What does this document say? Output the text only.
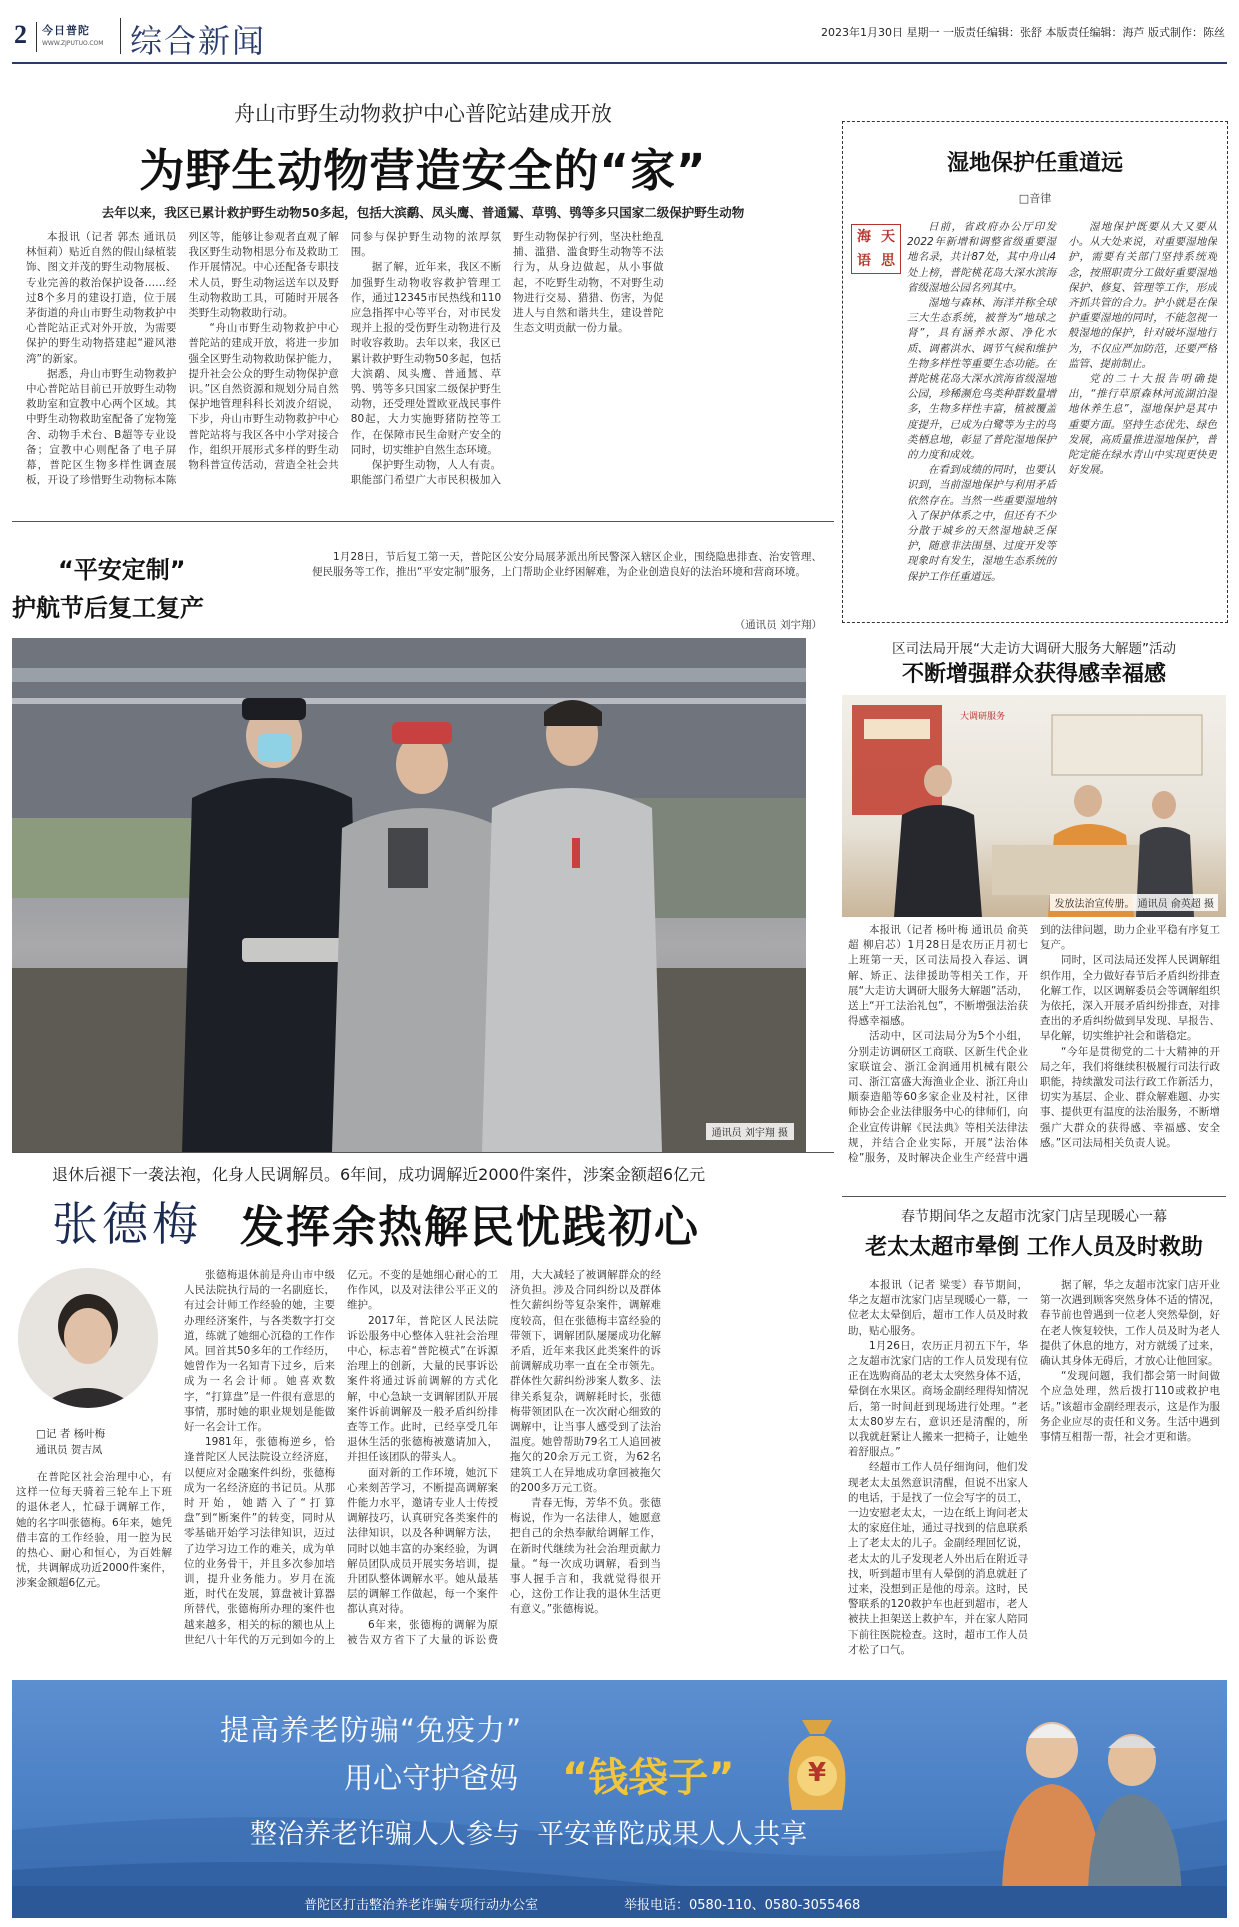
2 今日普陀
WWW.ZJPUTUO.COM 综合新闻	2023年1月30日 星期一 一版责任编辑：张舒 本版责任编辑：海芦 版式制作：陈丝
舟山市野生动物救护中心普陀站建成开放
为野生动物营造安全的“家”
去年以来，我区已累计救护野生动物50多起，包括大滨鹬、凤头鹰、普通鵟、草鸮、鸮等多只国家二级保护野生动物

本报讯（记者 郭杰 通讯员 林恒莉）贴近自然的假山绿植装饰、图文并茂的野生动物展板、专业完善的救治保护设备……经过8个多月的建设打造，位于展茅街道的舟山市野生动物救护中心普陀站正式对外开放，为需要保护的野生动物搭建起“避风港湾”的新家。

据悉，舟山市野生动物救护中心普陀站目前已开放野生动物救助室和宣教中心两个区域。其中野生动物救助室配备了宠物笼舍、动物手术台、B超等专业设备；宣教中心则配备了电子屏幕，普陀区生物多样性调查展板，开设了珍惜野生动物标本陈列区等，能够让参观者直观了解我区野生动物相思分布及救助工作开展情况。中心还配备专职技术人员，野生动物运送车以及野生动物救助工具，可随时开展各类野生动物救助行动。

“舟山市野生动物救护中心普陀站的建成开放，将进一步加强全区野生动物救助保护能力，提升社会公众的野生动物保护意识。”区自然资源和规划分局自然保护地管理科科长刘波介绍说，下步，舟山市野生动物救护中心普陀站将与我区各中小学对接合作，组织开展形式多样的野生动物科普宣传活动，营造全社会共同参与保护野生动物的浓厚氛围。

据了解，近年来，我区不断加强野生动物收容救护管理工作，通过12345市民热线和110应急指挥中心等平台，对市民发现并上报的受伤野生动物进行及时收容救助。去年以来，我区已累计救护野生动物50多起，包括大滨鹬、凤头鹰、普通鵟、草鸮、鸮等多只国家二级保护野生动物，还受理处置欧亚战民事件80起，大力实施野猪防控等工作，在保障市民生命财产安全的同时，切实维护自然生态环境。

保护野生动物，人人有责。职能部门希望广大市民积极加入野生动物保护行列，坚决杜绝乱捕、滥猎、滥食野生动物等不法行为，从身边做起，从小事做起，不吃野生动物，不对野生动物进行交易、猎猎、伤害，为促进人与自然和谐共生，建设普陀生态文明贡献一份力量。

湿地保护任重道远
□音律
海 天
语 思

日前，省政府办公厅印发2022年新增和调整省级重要湿地名录，共计87处，其中舟山4处上榜，普陀桃花岛大深水滨海省级湿地公园名列其中。

湿地与森林、海洋并称全球三大生态系统，被誉为“地球之肾”，具有涵养水源、净化水质、调蓄洪水、调节气候和维护生物多样性等重要生态功能。在普陀桃花岛大深水滨海省级湿地公园，珍稀濒危鸟类种群数量增多，生物多样性丰富，植被覆盖度提升，已成为白鹭等为主的鸟类栖息地，彰显了普陀湿地保护的力度和成效。

在看到成绩的同时，也要认识到，当前湿地保护与利用矛盾依然存在。当然一些重要湿地纳入了保护体系之中，但还有不少分散于城乡的天然湿地缺乏保护，随意非法围垦、过度开发等现象时有发生，湿地生态系统的保护工作任重道远。

湿地保护既要从大又要从小。从大处来说，对重要湿地保护，需要有关部门坚持系统观念，按照职责分工做好重要湿地保护、修复、管理等工作，形成齐抓共管的合力。护小就是在保护重要湿地的同时，不能忽视一般湿地的保护，针对破坏湿地行为，不仅应严加防范，还要严格监管、提前制止。

党的二十大报告明确提出，“推行草原森林河流湖泊湿地休养生息”，湿地保护是其中重要方面。坚持生态优先、绿色发展，高质量推进湿地保护，普陀定能在绿水青山中实现更快更好发展。

“平安定制”
护航节后复工复产
1月28日，节后复工第一天，普陀区公安分局展茅派出所民警深入辖区企业，围绕隐患排查、治安管理、便民服务等工作，推出“平安定制”服务，上门帮助企业纾困解难，为企业创造良好的法治环境和营商环境。
（通讯员 刘宇翔）
通讯员 刘宇翔 摄
区司法局开展“大走访大调研大服务大解题”活动
不断增强群众获得感幸福感
大调研服务
发放法治宣传册。 通讯员 俞英超 摄

本报讯（记者 杨叶梅 通讯员 俞英超 柳启芯）1月28日是农历正月初七上班第一天，区司法局投入春运、调解、矫正、法律援助等相关工作，开展“大走访大调研大服务大解题”活动，送上“开工法治礼包”，不断增强法治获得感幸福感。

活动中，区司法局分为5个小组，分别走访调研区工商联、区新生代企业家联谊会、浙江金润通用机械有限公司、浙江富盛大海渔业企业、浙江舟山顺泰造船等60多家企业及村社，区律师协会企业法律服务中心的律师们，向企业宣传讲解《民法典》等相关法律法规，并结合企业实际，开展“法治体检”服务，及时解决企业生产经营中遇到的法律问题，助力企业平稳有序复工复产。

同时，区司法局还发挥人民调解组织作用，全力做好春节后矛盾纠纷排查化解工作，以区调解委员会等调解组织为依托，深入开展矛盾纠纷排查，对排查出的矛盾纠纷做到早发现、早报告、早化解，切实维护社会和谐稳定。

“今年是贯彻党的二十大精神的开局之年，我们将继续积极履行司法行政职能，持续激发司法行政工作新活力，切实为基层、企业、群众解难题、办实事、提供更有温度的法治服务，不断增强广大群众的获得感、幸福感、安全感。”区司法局相关负责人说。

退休后褪下一袭法袍，化身人民调解员。6年间，成功调解近2000件案件，涉案金额超6亿元
张德梅 发挥余热解民忧践初心
□记 者 杨叶梅
通讯员 贺吉凤

在普陀区社会治理中心，有这样一位每天骑着三轮车上下班的退休老人，忙碌于调解工作，她的名字叫张德梅。6年来，她凭借丰富的工作经验，用一腔为民的热心、耐心和恒心，为百姓解忧，共调解成功近2000件案件，涉案金额超6亿元。

张德梅退休前是舟山市中级人民法院执行局的一名副庭长，有过会计师工作经验的她，主要办理经济案件，与各类数字打交道，练就了她细心沉稳的工作作风。回首其50多年的工作经历，她曾作为一名知青下过乡，后来成为一名会计师。她喜欢数字，“打算盘”是一件很有意思的事情，那时她的职业规划是能做好一名会计工作。

1981年，张德梅逆乡，恰逢普陀区人民法院设立经济庭，以便应对金融案件纠纷，张德梅成为一名经济庭的书记员。从那时开始，她踏入了“打算盘”到“断案件”的转变，同时从零基础开始学习法律知识，迈过了边学习边工作的难关，成为单位的业务骨干，并且多次参加培训，提升业务能力。岁月在流逝，时代在发展，算盘被计算器所替代，张德梅所办理的案件也越来越多，相关的标的额也从上世纪八十年代的万元到如今的上亿元。不变的是她细心耐心的工作作风，以及对法律公平正义的维护。

2017年，普陀区人民法院诉讼服务中心整体入驻社会治理中心，标志着“普陀模式”在诉源治理上的创新，大量的民事诉讼案件将通过诉前调解的方式化解，中心急缺一支调解团队开展案件诉前调解及一般矛盾纠纷排查等工作。此时，已经享受几年退休生活的张德梅被邀请加入，并担任该团队的带头人。

面对新的工作环境，她沉下心来刻苦学习，不断提高调解案件能力水平，邀请专业人士传授调解技巧，认真研究各类案件的法律知识，以及各种调解方法，同时以她丰富的办案经验，为调解员团队成员开展实务培训，提升团队整体调解水平。她从最基层的调解工作做起，每一个案件都认真对待。

6年来，张德梅的调解为原被告双方省下了大量的诉讼费用，大大减轻了被调解群众的经济负担。涉及合同纠纷以及群体性欠薪纠纷等复杂案件，调解难度较高，但在张德梅丰富经验的带领下，调解团队屡屡成功化解矛盾，近年来我区此类案件的诉前调解成功率一直在全市领先。群体性欠薪纠纷涉案人数多、法律关系复杂，调解耗时长，张德梅带领团队在一次次耐心细致的调解中，让当事人感受到了法治温度。她曾帮助79名工人追回被拖欠的20余万元工资，为62名建筑工人在异地成功拿回被拖欠的200多万元工资。

青春无悔，芳华不负。张德梅说，作为一名法律人，她愿意把自己的余热奉献给调解工作，在新时代继续为社会治理贡献力量。“每一次成功调解，看到当事人握手言和，我就觉得很开心，这份工作让我的退休生活更有意义。”张德梅说。

春节期间华之友超市沈家门店呈现暖心一幕
老太太超市晕倒 工作人员及时救助

本报讯（记者 梁雯）春节期间，华之友超市沈家门店呈现暖心一幕，一位老太太晕倒后，超市工作人员及时救助，贴心服务。

1月26日，农历正月初五下午，华之友超市沈家门店的工作人员发现有位正在选购商品的老太太突然身体不适，晕倒在水果区。商场金副经理得知情况后，第一时间赶到现场进行处理。“老太太80岁左右，意识还是清醒的，所以我就赶紧让人搬来一把椅子，让她坐着舒服点。”

经超市工作人员仔细询问，他们发现老太太虽然意识清醒，但说不出家人的电话，于是找了一位会写字的员工，一边安慰老太太，一边在纸上询问老太太的家庭住址，通过寻找到的信息联系上了老太太的儿子。金副经理回忆说，老太太的儿子发现老人外出后在附近寻找，听到超市里有人晕倒的消息就赶了过来，没想到正是他的母亲。这时，民警联系的120救护车也赶到超市，老人被扶上担架送上救护车，并在家人陪同下前往医院检查。这时，超市工作人员才松了口气。

据了解，华之友超市沈家门店开业第一次遇到顾客突然身体不适的情况，春节前也曾遇到一位老人突然晕倒，好在老人恢复较快，工作人员及时为老人提供了休息的地方，对方就缓了过来，确认其身体无碍后，才放心让他回家。

“发现问题，我们都会第一时间做个应急处理，然后拨打110或救护电话。”该超市金副经理表示，这是作为服务企业应尽的责任和义务。生活中遇到事情互相帮一帮，社会才更和谐。

提高养老防骗“免疫力”
用心守护爸妈 “钱袋子”
整治养老诈骗人人参与  平安普陀成果人人共享
¥
普陀区打击整治养老诈骗专项行动办公室	举报电话：0580-110、0580-3055468
